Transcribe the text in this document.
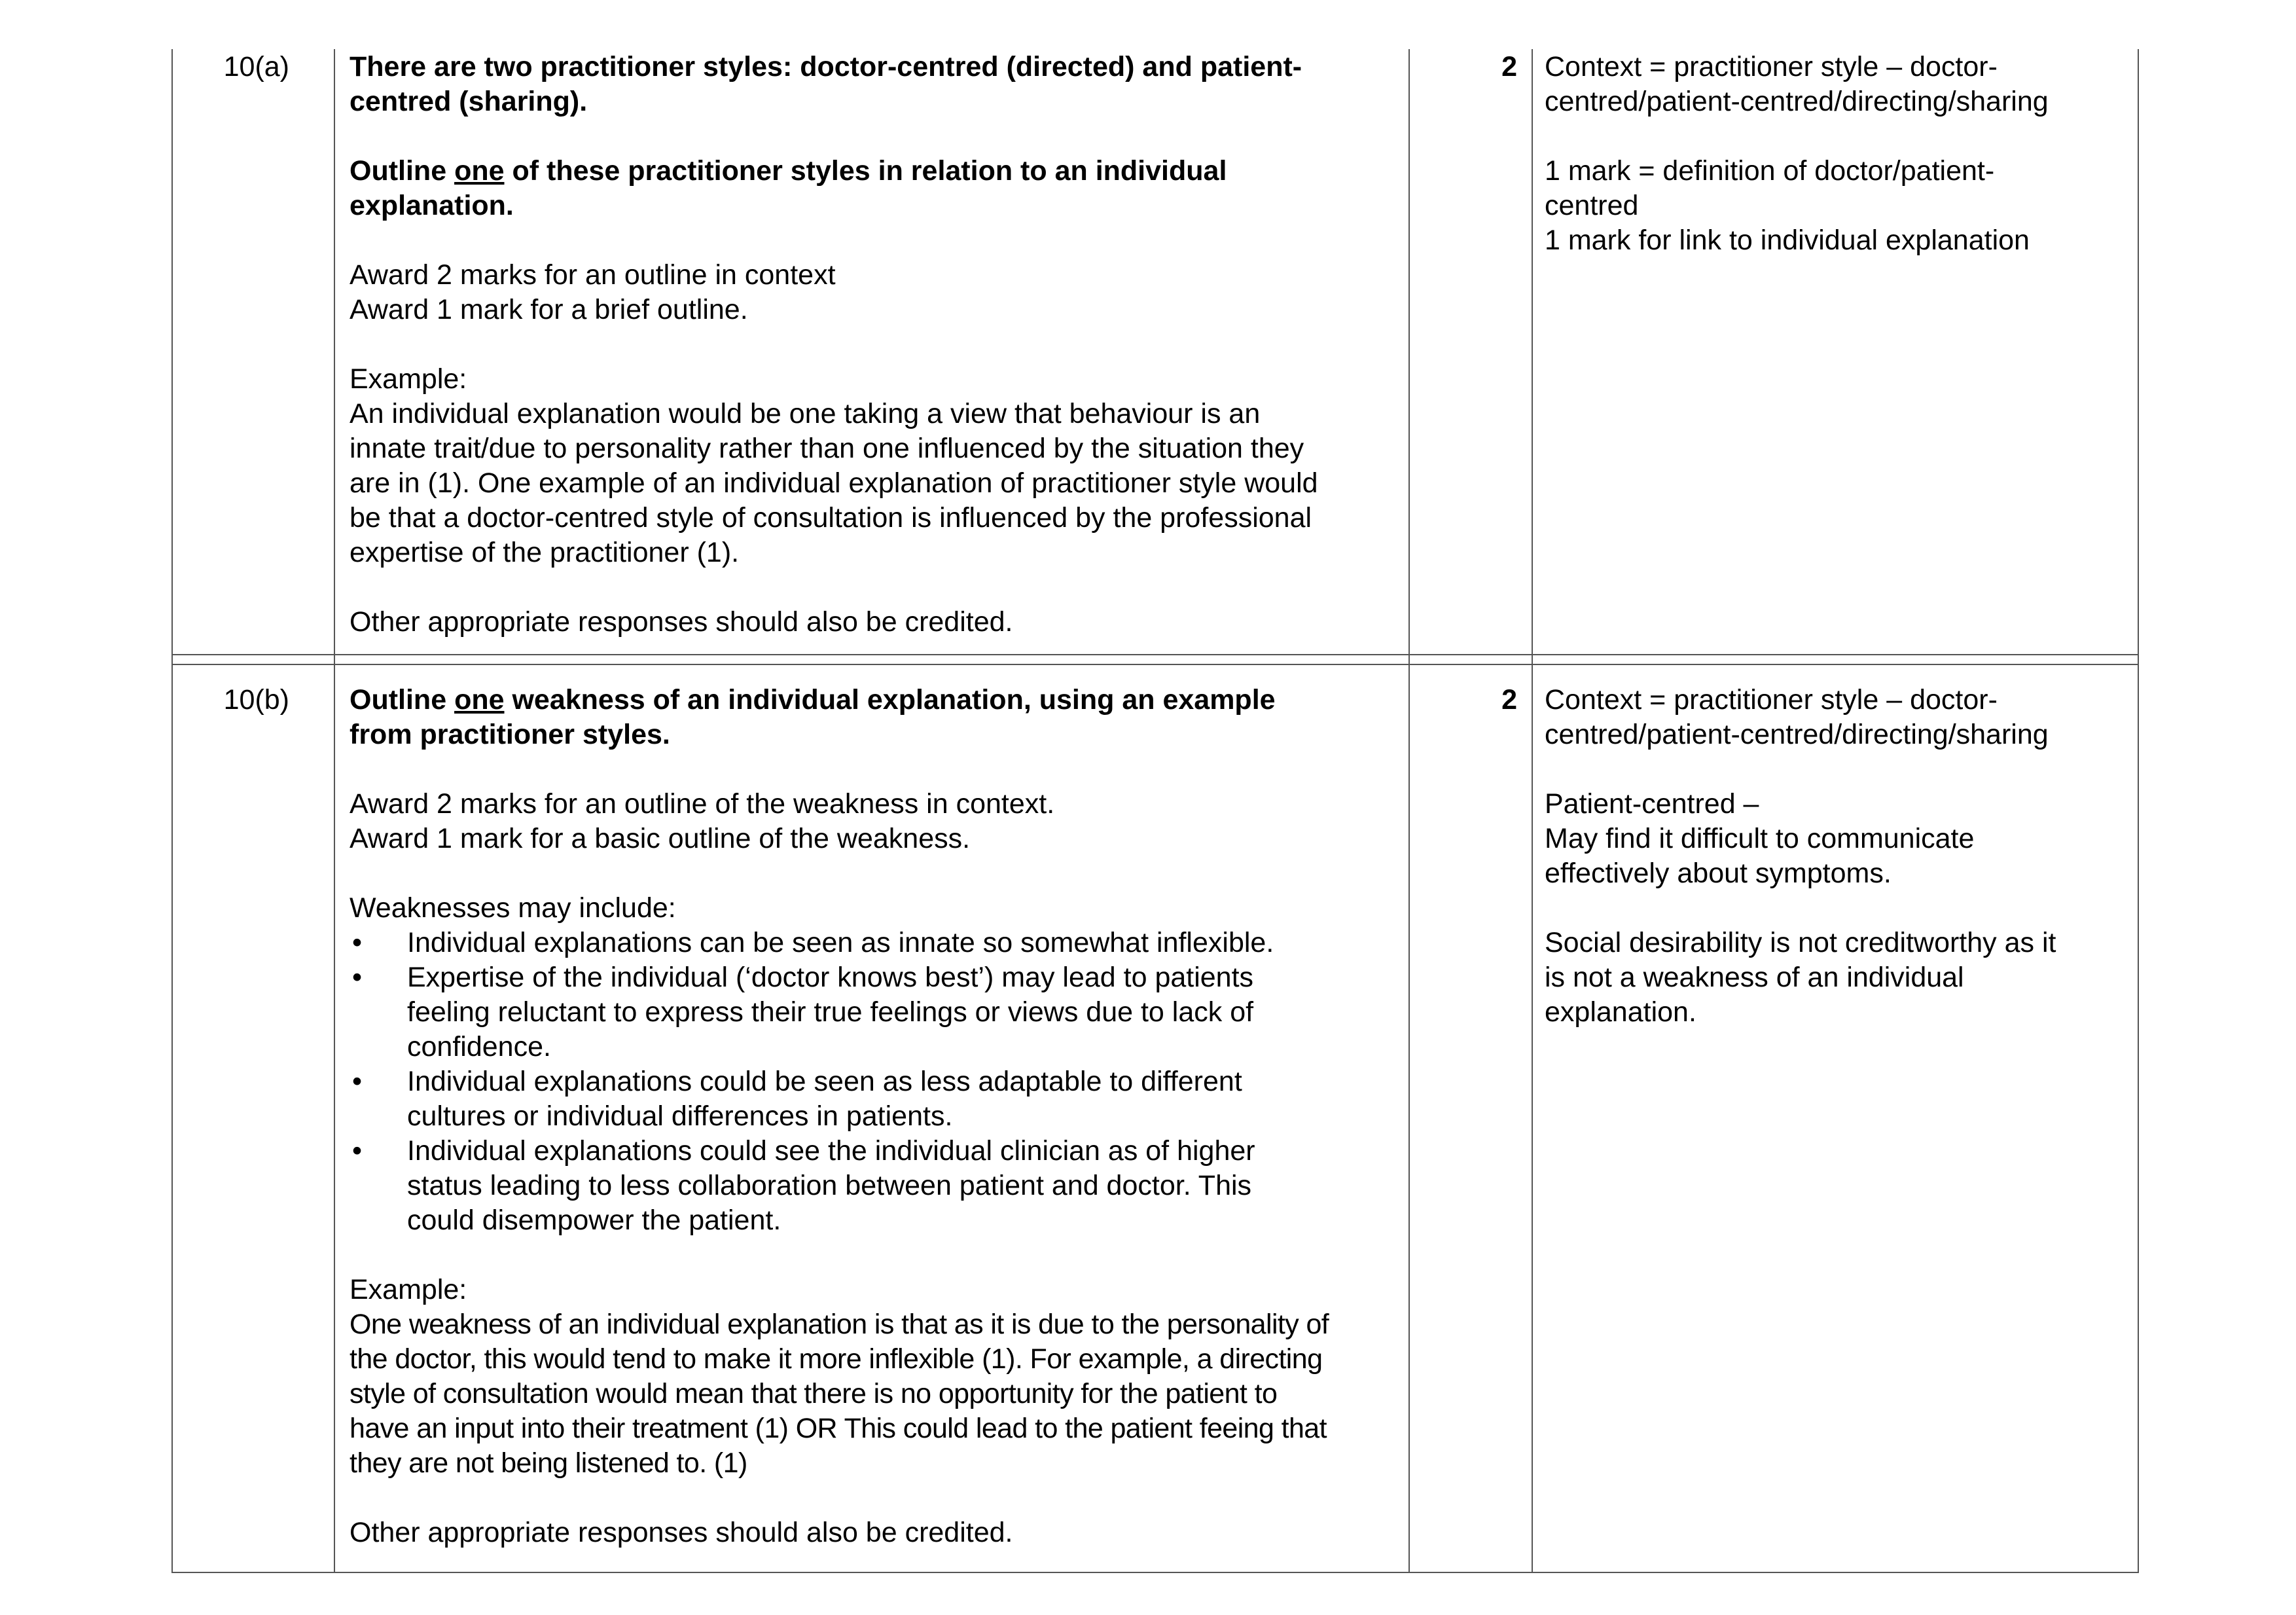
10(a) There are two practitioner styles: doctor-centred (directed) and patient-
centred (sharing).
Outline one of these practitioner styles in relation to an individual
explanation.
Award 2 marks for an outline in context
Award 1 mark for a brief outline.
Example:
An individual explanation would be one taking a view that behaviour is an
innate trait/due to personality rather than one influenced by the situation they
are in (1). One example of an individual explanation of practitioner style would
be that a doctor-centred style of consultation is influenced by the professional
expertise of the practitioner (1).
Other appropriate responses should also be credited.
2 Context = practitioner style – doctor-
centred/patient-centred/directing/sharing
1 mark = definition of doctor/patient-
centred
1 mark for link to individual explanation
10(b) Outline one weakness of an individual explanation, using an example
from practitioner styles.
Award 2 marks for an outline of the weakness in context.
Award 1 mark for a basic outline of the weakness.
Weaknesses may include:
• Individual explanations can be seen as innate so somewhat inflexible.
• Expertise of the individual (‘doctor knows best’) may lead to patients
feeling reluctant to express their true feelings or views due to lack of
confidence.
• Individual explanations could be seen as less adaptable to different
cultures or individual differences in patients.
• Individual explanations could see the individual clinician as of higher
status leading to less collaboration between patient and doctor. This
could disempower the patient.
Example:
One weakness of an individual explanation is that as it is due to the personality of
the doctor, this would tend to make it more inflexible (1). For example, a directing
style of consultation would mean that there is no opportunity for the patient to
have an input into their treatment (1) OR This could lead to the patient feeing that
they are not being listened to. (1)
Other appropriate responses should also be credited.
2 Context = practitioner style – doctor-
centred/patient-centred/directing/sharing
Patient-centred –
May find it difficult to communicate
effectively about symptoms.
Social desirability is not creditworthy as it
is not a weakness of an individual
explanation.
